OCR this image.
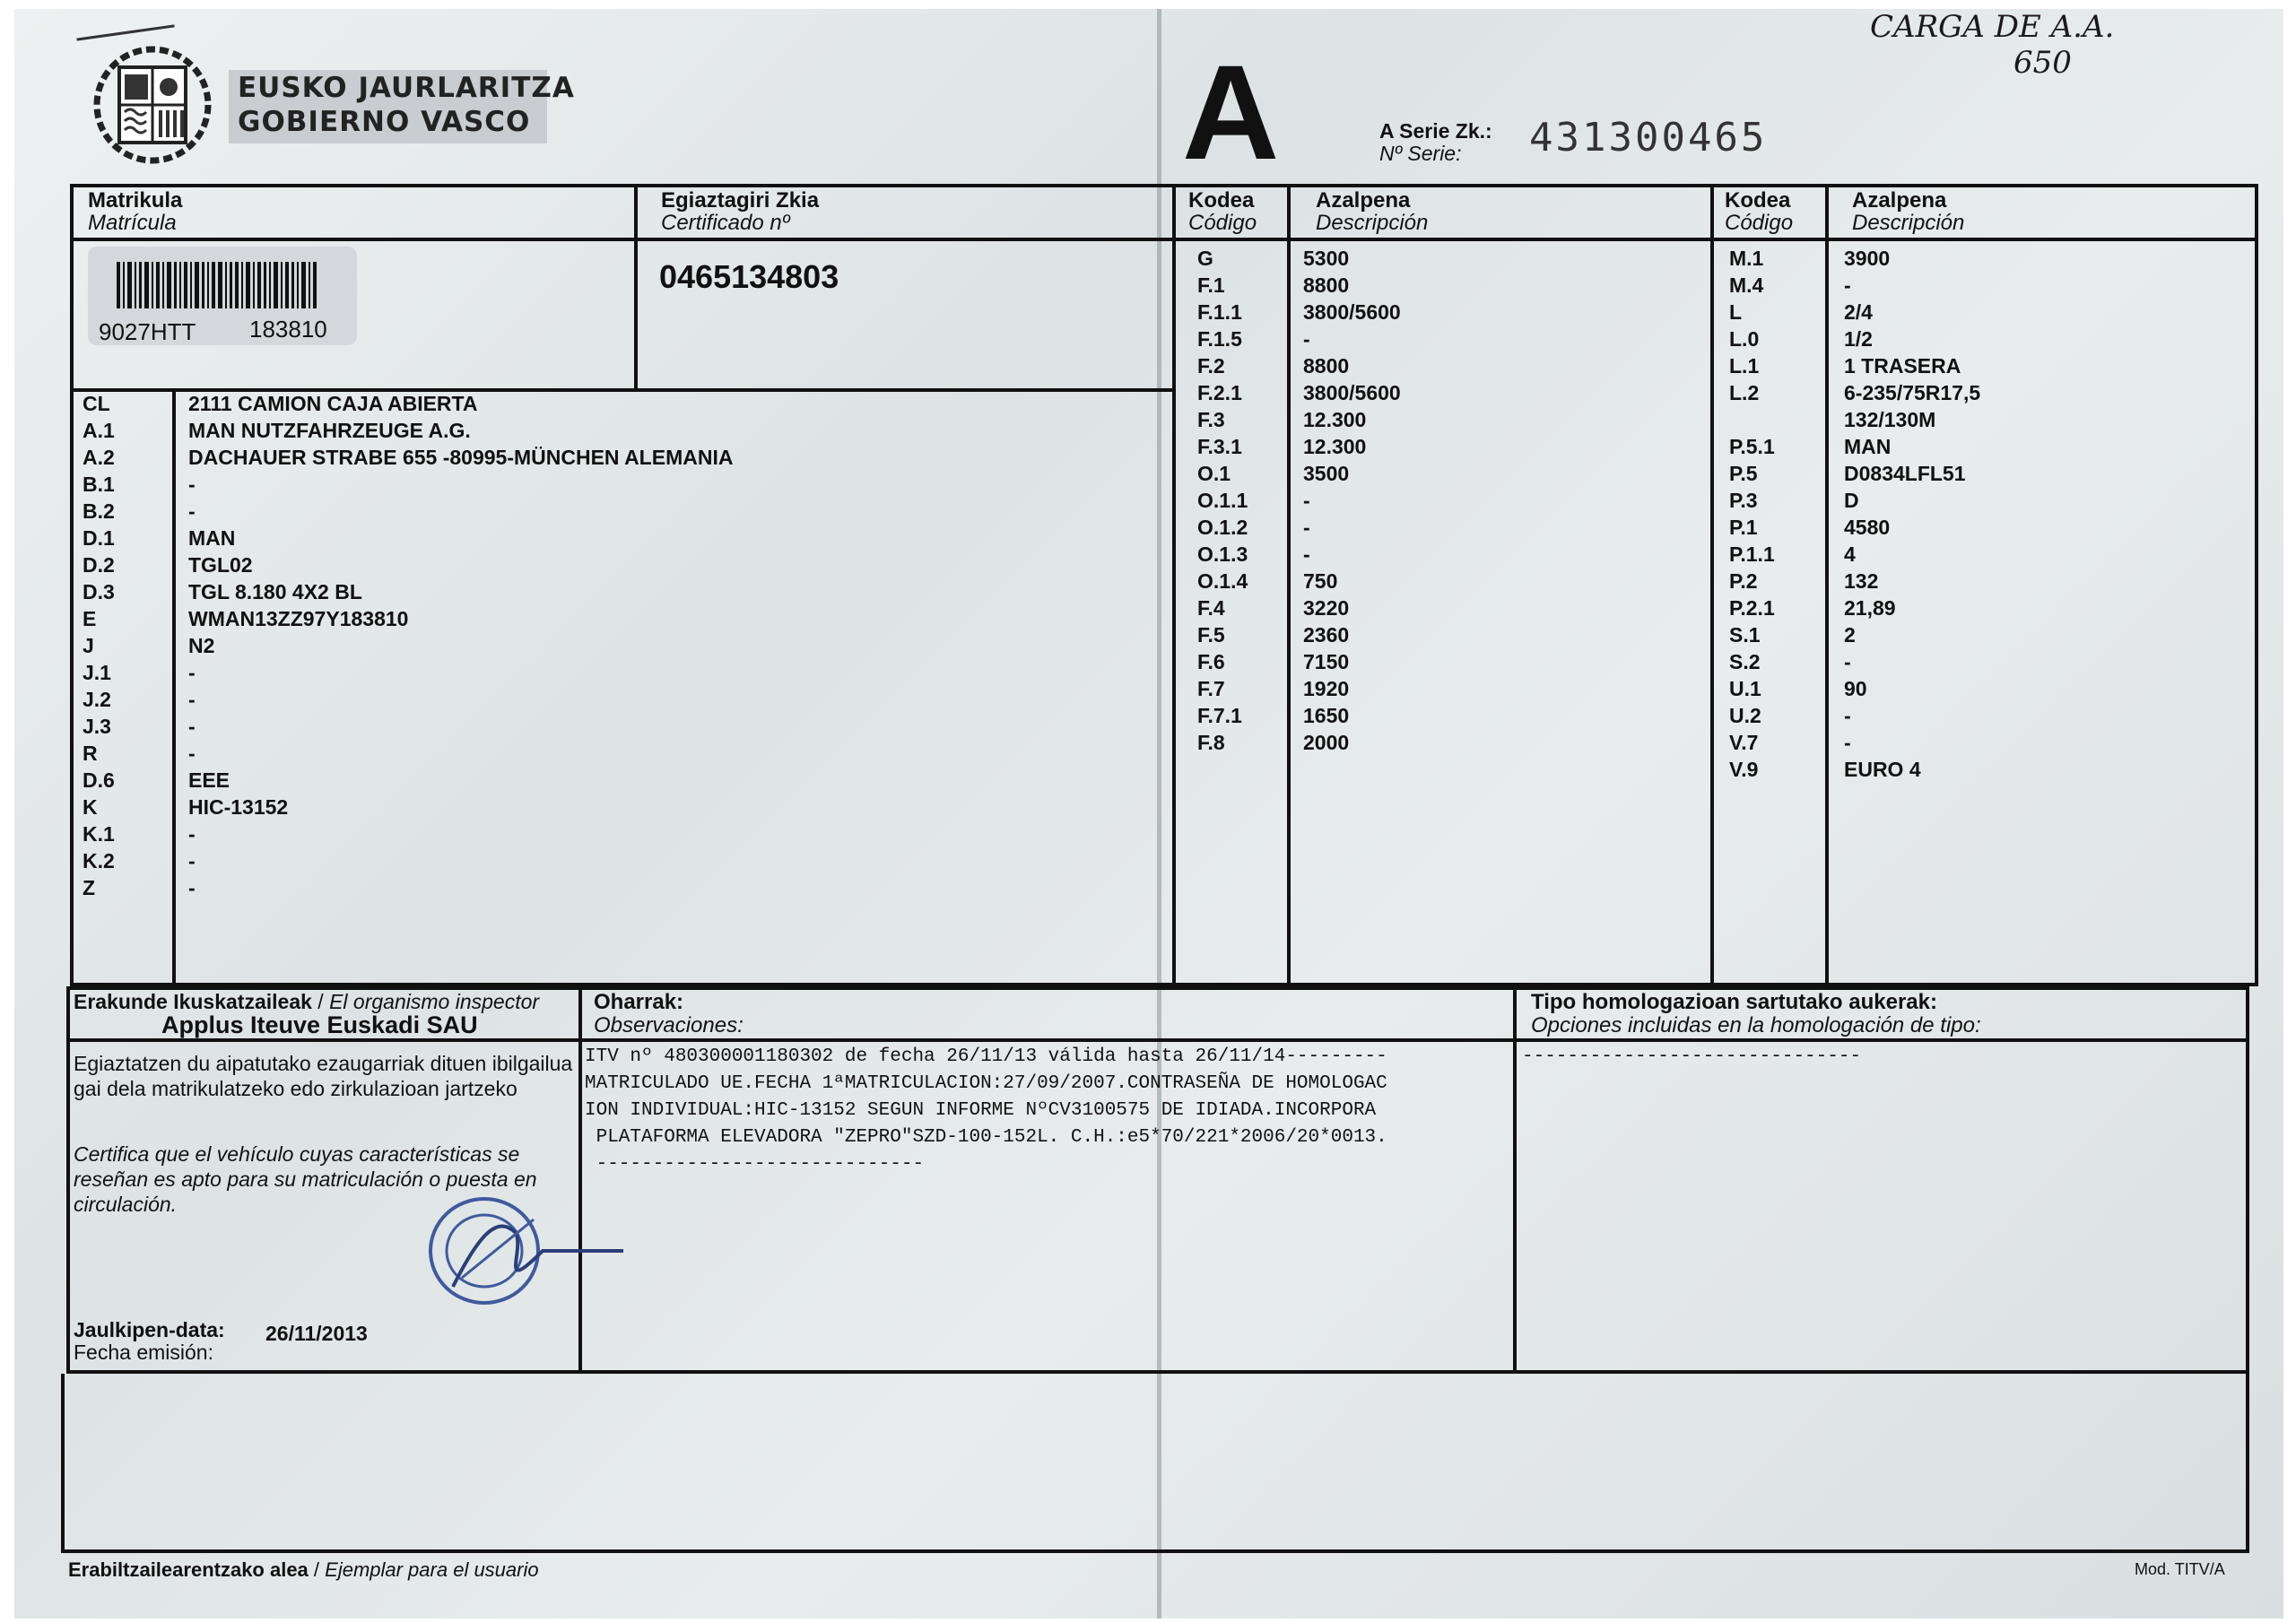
EUSKO JAURLARITZA
GOBIERNO VASCO	A	A Serie Zk.:
Nº Serie: 431300465
CARGA DE A.A.
650
Matrikula
Matrícula
9027HTT 183810
Egiaztagiri Zkia
Certificado nº
0465134803
CL	2111 CAMION CAJA ABIERTA
A.1	MAN NUTZFAHRZEUGE A.G.
A.2	DACHAUER STRABE 655 -80995-MÜNCHEN ALEMANIA
B.1	-
B.2	-
D.1	MAN
D.2	TGL02
D.3	TGL 8.180 4X2 BL
E	WMAN13ZZ97Y183810
J	N2
J.1	-
J.2	-
J.3	-
R	-
D.6	EEE
K	HIC-13152
K.1	-
K.2	-
Z	-
Kodea
Código
Azalpena
Descripción
G	5300
F.1	8800
F.1.1	3800/5600
F.1.5	-
F.2	8800
F.2.1	3800/5600
F.3	12.300
F.3.1	12.300
O.1	3500
O.1.1	-
O.1.2	-
O.1.3	-
O.1.4	750
F.4	3220
F.5	2360
F.6	7150
F.7	1920
F.7.1	1650
F.8	2000
Kodea
Código
Azalpena
Descripción
M.1	3900
M.4	-
L	2/4
L.0	1/2
L.1	1 TRASERA
L.2	6-235/75R17,5
132/130M
P.5.1	MAN
P.5	D0834LFL51
P.3	D
P.1	4580
P.1.1	4
P.2	132
P.2.1	21,89
S.1	2
S.2	-
U.1	90
U.2	-
V.7	-
V.9	EURO 4
Erakunde Ikuskatzaileak / El organismo inspector
Applus Iteuve Euskadi SAU
Egiaztatzen du aipatutako ezaugarriak dituen ibilgailua gai dela matrikulatzeko edo zirkulazioan jartzeko
Certifica que el vehículo cuyas características se reseñan es apto para su matriculación o puesta en circulación.
Jaulkipen-data:
Fecha emisión:
26/11/2013
Oharrak:
Observaciones:
ITV nº 480300001180302 de fecha 26/11/13 válida hasta 26/11/14---------
MATRICULADO UE.FECHA 1ªMATRICULACION:27/09/2007.CONTRASEÑA DE HOMOLOGAC
ION INDIVIDUAL:HIC-13152 SEGUN INFORME NºCV3100575 DE IDIADA.INCORPORA
PLATAFORMA ELEVADORA "ZEPRO"SZD-100-152L. C.H.:e5*70/221*2006/20*0013.
-----------------------------
Tipo homologazioan sartutako aukerak:
Opciones incluidas en la homologación de tipo:
------------------------------
Erabiltzailearentzako alea / Ejemplar para el usuario	Mod. TITV/A
